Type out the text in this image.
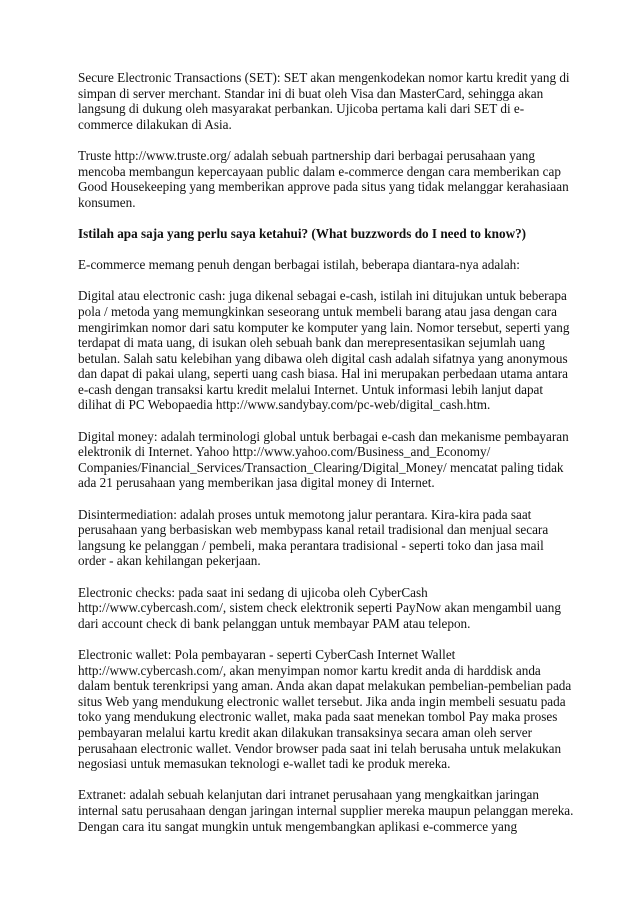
Secure Electronic Transactions (SET): SET akan mengenkodekan nomor kartu kredit yang di
simpan di server merchant. Standar ini di buat oleh Visa dan MasterCard, sehingga akan
langsung di dukung oleh masyarakat perbankan. Ujicoba pertama kali dari SET di e-
commerce dilakukan di Asia.

Truste http://www.truste.org/ adalah sebuah partnership dari berbagai perusahaan yang
mencoba membangun kepercayaan public dalam e-commerce dengan cara memberikan cap
Good Housekeeping yang memberikan approve pada situs yang tidak melanggar kerahasiaan
konsumen.

Istilah apa saja yang perlu saya ketahui? (What buzzwords do I need to know?)

E-commerce memang penuh dengan berbagai istilah, beberapa diantara-nya adalah:

Digital atau electronic cash: juga dikenal sebagai e-cash, istilah ini ditujukan untuk beberapa
pola / metoda yang memungkinkan seseorang untuk membeli barang atau jasa dengan cara
mengirimkan nomor dari satu komputer ke komputer yang lain. Nomor tersebut, seperti yang
terdapat di mata uang, di isukan oleh sebuah bank dan merepresentasikan sejumlah uang
betulan. Salah satu kelebihan yang dibawa oleh digital cash adalah sifatnya yang anonymous
dan dapat di pakai ulang, seperti uang cash biasa. Hal ini merupakan perbedaan utama antara
e-cash dengan transaksi kartu kredit melalui Internet. Untuk informasi lebih lanjut dapat
dilihat di PC Webopaedia http://www.sandybay.com/pc-web/digital_cash.htm.

Digital money: adalah terminologi global untuk berbagai e-cash dan mekanisme pembayaran
elektronik di Internet. Yahoo http://www.yahoo.com/Business_and_Economy/
Companies/Financial_Services/Transaction_Clearing/Digital_Money/ mencatat paling tidak
ada 21 perusahaan yang memberikan jasa digital money di Internet.

Disintermediation: adalah proses untuk memotong jalur perantara. Kira-kira pada saat
perusahaan yang berbasiskan web membypass kanal retail tradisional dan menjual secara
langsung ke pelanggan / pembeli, maka perantara tradisional - seperti toko dan jasa mail
order - akan kehilangan pekerjaan.

Electronic checks: pada saat ini sedang di ujicoba oleh CyberCash
http://www.cybercash.com/, sistem check elektronik seperti PayNow akan mengambil uang
dari account check di bank pelanggan untuk membayar PAM atau telepon.

Electronic wallet: Pola pembayaran - seperti CyberCash Internet Wallet
http://www.cybercash.com/, akan menyimpan nomor kartu kredit anda di harddisk anda
dalam bentuk terenkripsi yang aman. Anda akan dapat melakukan pembelian-pembelian pada
situs Web yang mendukung electronic wallet tersebut. Jika anda ingin membeli sesuatu pada
toko yang mendukung electronic wallet, maka pada saat menekan tombol Pay maka proses
pembayaran melalui kartu kredit akan dilakukan transaksinya secara aman oleh server
perusahaan electronic wallet. Vendor browser pada saat ini telah berusaha untuk melakukan
negosiasi untuk memasukan teknologi e-wallet tadi ke produk mereka.

Extranet: adalah sebuah kelanjutan dari intranet perusahaan yang mengkaitkan jaringan
internal satu perusahaan dengan jaringan internal supplier mereka maupun pelanggan mereka.
Dengan cara itu sangat mungkin untuk mengembangkan aplikasi e-commerce yang
